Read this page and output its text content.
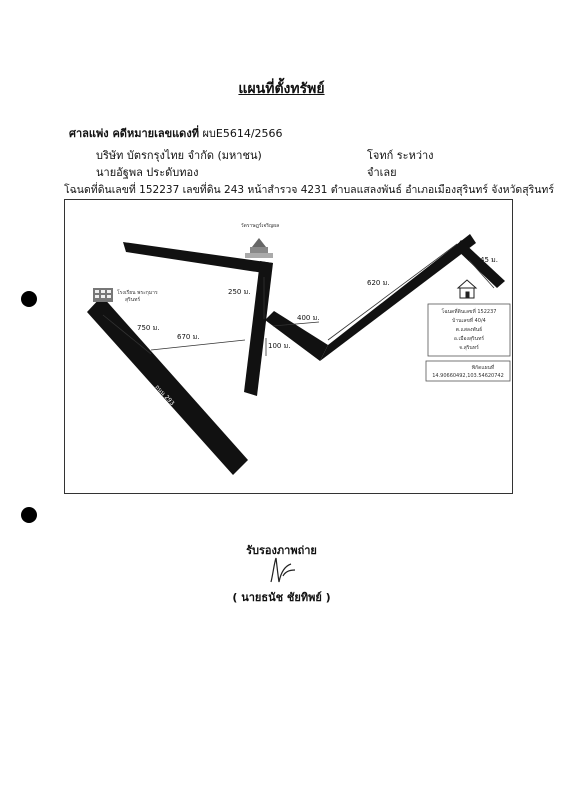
แผนที่ตั้งทรัพย์
ศาลแพ่ง คดีหมายเลขแดงที่ ผบE5614/2566
บริษัท บัตรกรุงไทย จำกัด (มหาชน)	โจทก์ ระหว่าง
นายอัฐพล ประดับทอง	จำเลย
โฉนดที่ดินเลขที่ 152237 เลขที่ดิน 243 หน้าสำรวจ 4231 ตำบลแสลงพันธ์ อำเภอเมืองสุรินทร์ จังหวัดสุรินทร์
วัดราษฎร์เจริญผล
โรงเรียน พระกุมาร
สุรินทร์
โฉนดที่ดินเลขที่ 152237
บ้านเลขที่ 40/4
ต.แสลงพันธ์
อ.เมืองสุรินทร์
จ.สุรินทร์
พิกัดแผนที่
14.90660492,103.54620742
750 ม.
670 ม.
250 ม.
100 ม.
400 ม.
620 ม.
45 ม.
ถนน 293
รับรองภาพถ่าย
( นายธนัช ชัยทิพย์ )
